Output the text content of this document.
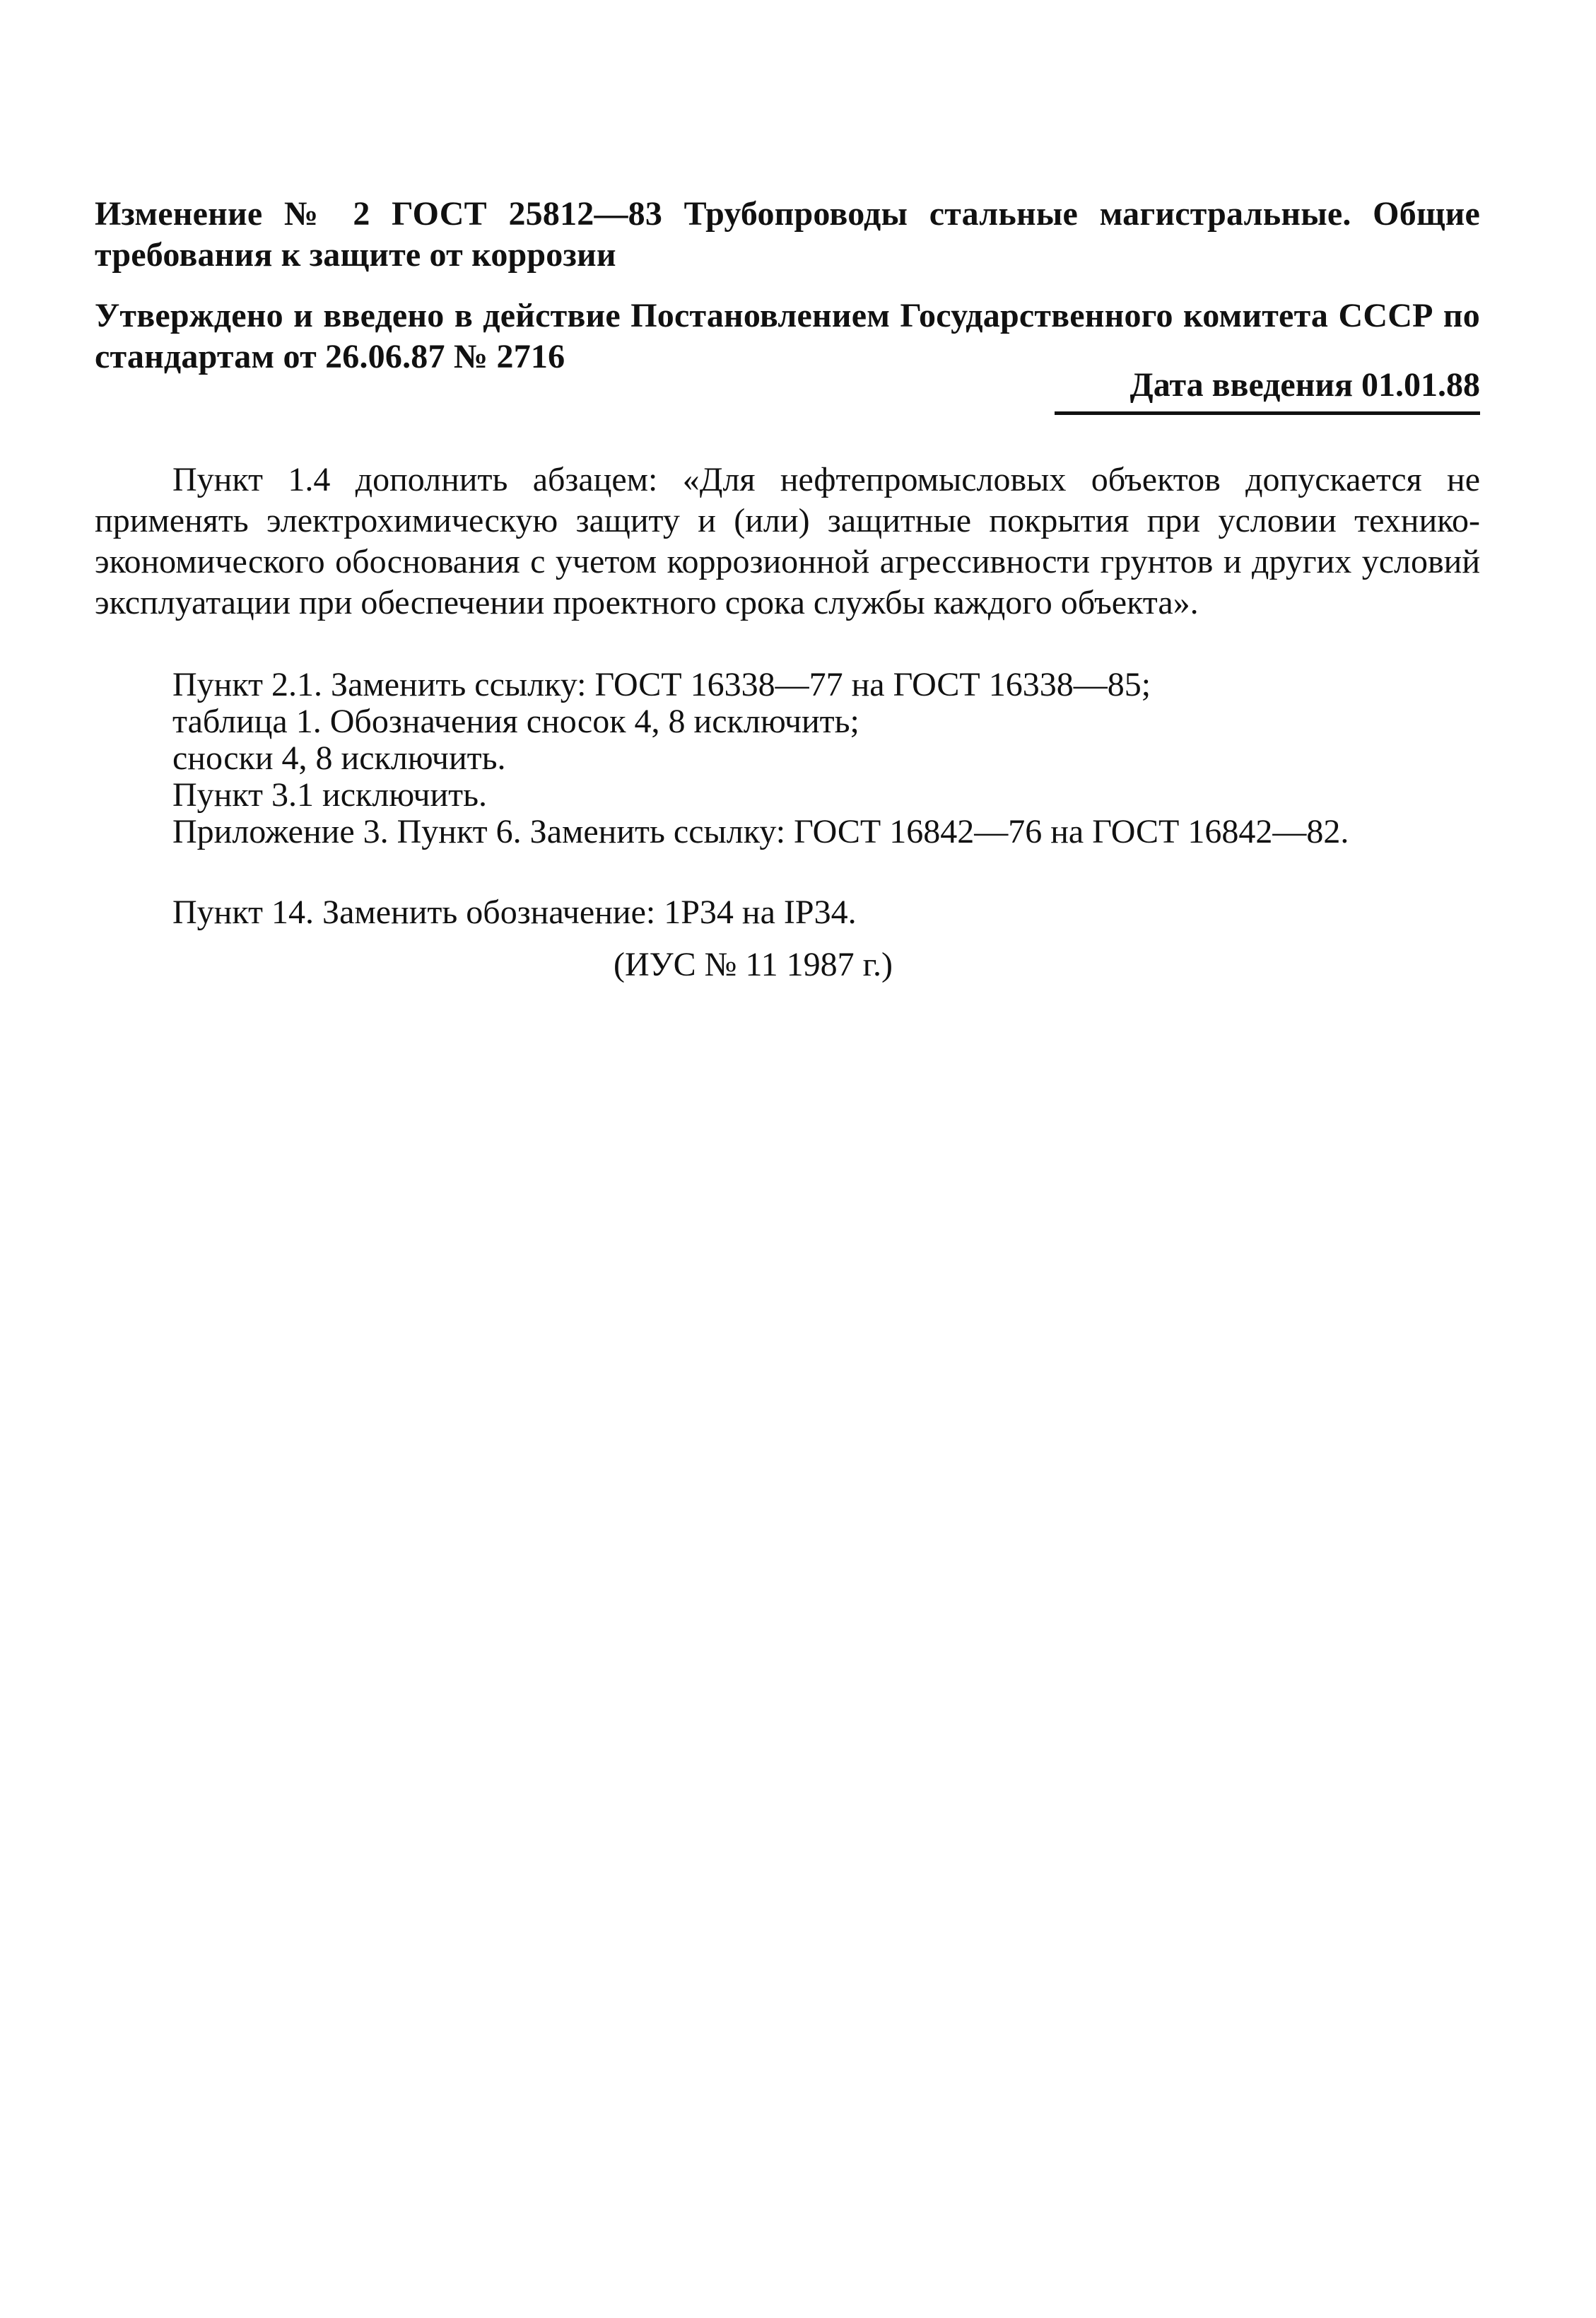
Изменение № 2 ГОСТ 25812—83 Трубопроводы стальные магистральные. Общие требования к защите от коррозии
Утверждено и введено в действие Постановлением Государственного комитета СССР по стандартам от 26.06.87 № 2716
Дата введения 01.01.88
Пункт 1.4 дополнить абзацем: «Для нефтепромысловых объектов допускается не применять электрохимическую защиту и (или) защитные покрытия при условии технико-экономического обоснования с учетом коррозионной агрессивности грунтов и других условий эксплуатации при обеспечении проектного срока службы каждого объекта».
Пункт 2.1. Заменить ссылку: ГОСТ 16338—77 на ГОСТ 16338—85;
таблица 1. Обозначения сносок 4, 8 исключить;
сноски 4, 8 исключить.
Пункт 3.1 исключить.
Приложение 3. Пункт 6. Заменить ссылку: ГОСТ 16842—76 на ГОСТ 16842—82.
Пункт 14. Заменить обозначение: 1Р34 на IP34.
(ИУС № 11 1987 г.)
